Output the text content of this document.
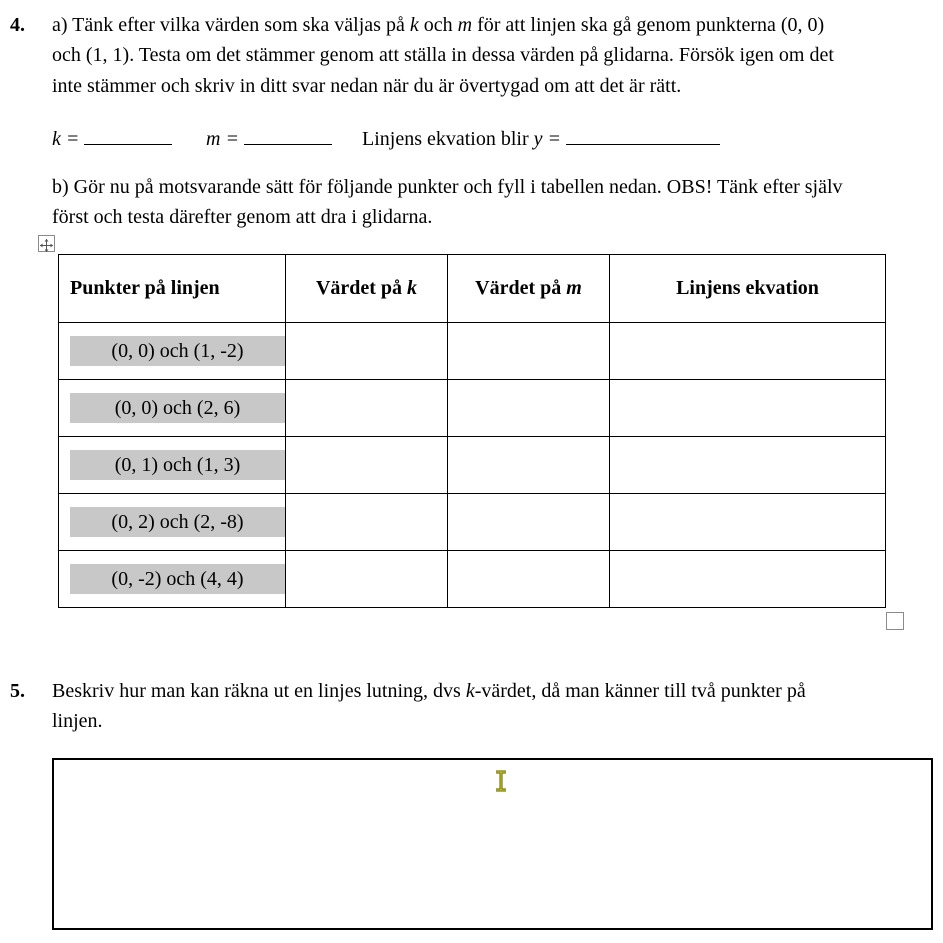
4. a) Tänk efter vilka värden som ska väljas på k och m för att linjen ska gå genom punkterna (0, 0)
och (1, 1). Testa om det stämmer genom att ställa in dessa värden på glidarna. Försök igen om det
inte stämmer och skriv in ditt svar nedan när du är övertygad om att det är rätt.
k =	m =	Linjens ekvation blir y =
b) Gör nu på motsvarande sätt för följande punkter och fyll i tabellen nedan. OBS! Tänk efter själv
först och testa därefter genom att dra i glidarna.
Punkter på linjen	Värdet på k	Värdet på m	Linjens ekvation

(0, 0) och (1, -2)			

(0, 0) och (2, 6)			

(0, 1) och (1, 3)			

(0, 2) och (2, -8)			

(0, -2) och (4, 4)			

5. Beskriv hur man kan räkna ut en linjes lutning, dvs k-värdet, då man känner till två punkter på
linjen.
